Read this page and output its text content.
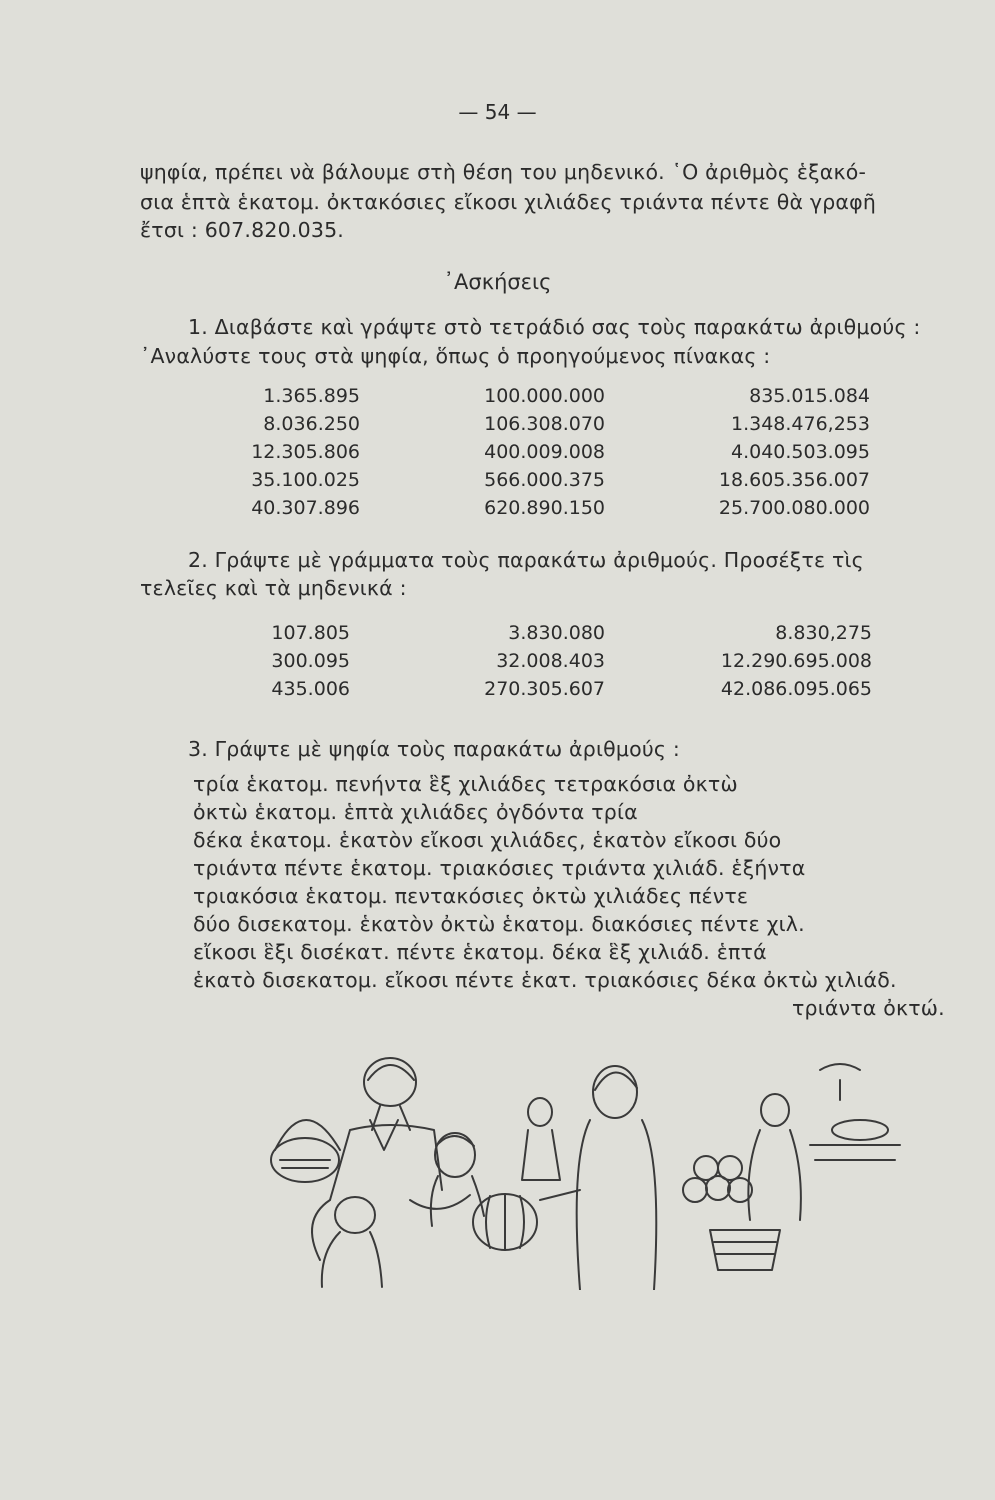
— 54 —
ψηφία, πρέπει νὰ βάλουμε στὴ θέση του μηδενικό. ῾Ο ἀριθμὸς ἑξακό-
σια ἑπτὰ ἑκατομ. ὀκτακόσιες εἴκοσι χιλιάδες τριάντα πέντε θὰ γραφῆ
ἔτσι : 607.820.035.
᾽Ασκήσεις
1. Διαβάστε καὶ γράψτε στὸ τετράδιό σας τοὺς παρακάτω ἀριθμούς :
᾽Αναλύστε τους στὰ ψηφία, ὅπως ὁ προηγούμενος πίνακας :
1.365.895
8.036.250
12.305.806
35.100.025
40.307.896
100.000.000
106.308.070
400.009.008
566.000.375
620.890.150
835.015.084
1.348.476,253
4.040.503.095
18.605.356.007
25.700.080.000
2. Γράψτε μὲ γράμματα τοὺς παρακάτω ἀριθμούς. Προσέξτε τὶς
τελεῖες καὶ τὰ μηδενικά :
107.805
300.095
435.006
3.830.080
32.008.403
270.305.607
8.830,275
12.290.695.008
42.086.095.065
3. Γράψτε μὲ ψηφία τοὺς παρακάτω ἀριθμούς :
τρία ἑκατομ. πενήντα ἓξ χιλιάδες τετρακόσια ὀκτὼ
ὀκτὼ ἑκατομ. ἑπτὰ χιλιάδες ὀγδόντα τρία
δέκα ἑκατομ. ἑκατὸν εἴκοσι χιλιάδες, ἑκατὸν εἴκοσι δύο
τριάντα πέντε ἑκατομ. τριακόσιες τριάντα χιλιάδ. ἑξήντα
τριακόσια ἑκατομ. πεντακόσιες ὀκτὼ χιλιάδες πέντε
δύο δισεκατομ. ἑκατὸν ὀκτὼ ἑκατομ. διακόσιες πέντε χιλ.
εἴκοσι ἓξι δισέκατ. πέντε ἑκατομ. δέκα ἓξ χιλιάδ. ἑπτά
ἑκατὸ δισεκατομ. εἴκοσι πέντε ἑκατ. τριακόσιες δέκα ὀκτὼ χιλιάδ.
τριάντα ὀκτώ.
